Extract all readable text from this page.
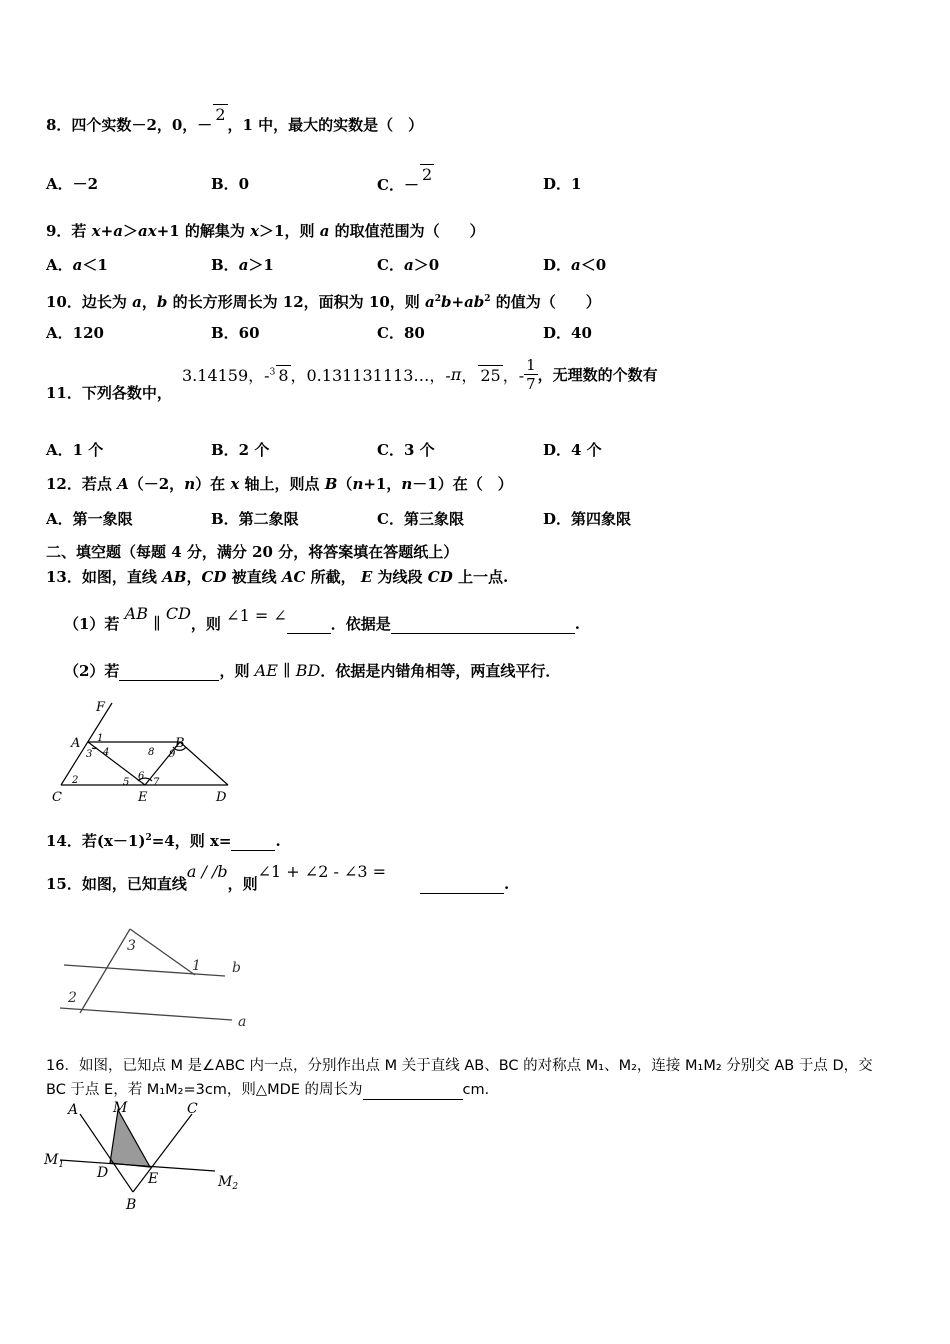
8．四个实数－2，0，－2，1 中，最大的实数是（　）
A．－2	B．0	C．－2	D．1
9．若 x+a＞ax+1 的解集为 x＞1，则 a 的取值范围为（　　）
A．a＜1	B．a＞1	C．a＞0	D．a＜0
10．边长为 a，b 的长方形周长为 12，面积为 10，则 $a^2b+ab^2$ 的值为（　　）
A．120	B．60	C．80	D．40
11．下列各数中，
3.14159，-$^3$ 8 ，0.131131113…，-π， 25 ，- $\frac{1}{7}$ ，无理数的个数有
A．1 个	B．2 个	C．3 个	D．4 个
12．若点 A（－2，n）在 x 轴上，则点 B（n+1，n－1）在（　）
A．第一象限	B．第二象限	C．第三象限	D．第四象限
二、填空题（每题 4 分，满分 20 分，将答案填在答题纸上）
13．如图，直线 AB，CD 被直线 AC 所截， E 为线段 CD 上一点.
（1）若 AB ∥ CD，则 ∠1 = ∠	．依据是	.
（2）若	，则 AE ∥ BD．依据是内错角相等，两直线平行．
F
A	B
C	E	D
1
3 4	8 9
2	5
6
7
14．若$(x-1)^2=4$，则 x=	.
15．如图，已知直线a / /b，则∠1 + ∠2 - ∠3 =.
3
1
2
b
a
16．如图，已知点 M 是∠ABC 内一点，分别作出点 M 关于直线 AB、BC 的对称点 M₁、M₂，连接 M₁M₂ 分别交 AB 于点 D，交
BC 于点 E，若 M₁M₂=3cm，则△MDE 的周长为	cm．
A M	C
$M_1$ D	E	$M_2$
B
